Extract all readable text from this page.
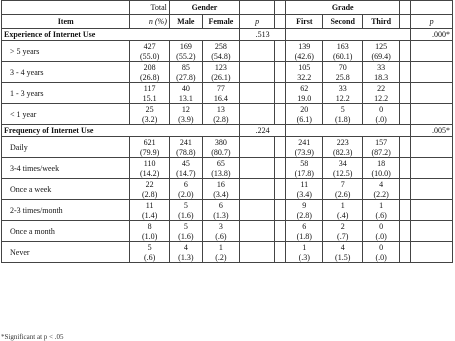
	Total	Gender				Grade				
Item	n (%)	Male	Female	p		First	Second	Third		p
Experience of Internet Use				.513						.000*
> 5 years	427	169	258			139	163	125		
	(55.0)	(55.2)	(54.8)			(42.6)	(60.1)	(69.4)		
3 - 4 years	208	85	123			105	70	33		
	(26.8)	(27.8)	(26.1)			32.2	25.8	18.3		
1 - 3 years	117	40	77			62	33	22		
	15.1	13.1	16.4			19.0	12.2	12.2		
< 1 year	25	12	13			20	5	0		
	(3.2)	(3.9)	(2.8)			(6.1)	(1.8)	(.0)		
Frequency of Internet Use				.224						.005*
Daily	621	241	380			241	223	157		
	(79.9)	(78.8)	(80.7)			(73.9)	(82.3)	(87.2)		
3-4 times/week	110	45	65			58	34	18		
	(14.2)	(14.7)	(13.8)			(17.8)	(12.5)	(10.0)		
Once a week	22	6	16			11	7	4		
	(2.8)	(2.0)	(3.4)			(3.4)	(2.6)	(2.2)		
2-3 times/month	11	5	6			9	1	1		
	(1.4)	(1.6)	(1.3)			(2.8)	(.4)	(.6)		
Once a month	8	5	3			6	2	0		
	(1.0)	(1.6)	(.6)			(1.8)	(.7)	(.0)		
Never	5	4	1			1	4	0		
	(.6)	(1.3)	(.2)			(.3)	(1.5)	(.0)		
*Significant at p < .05
